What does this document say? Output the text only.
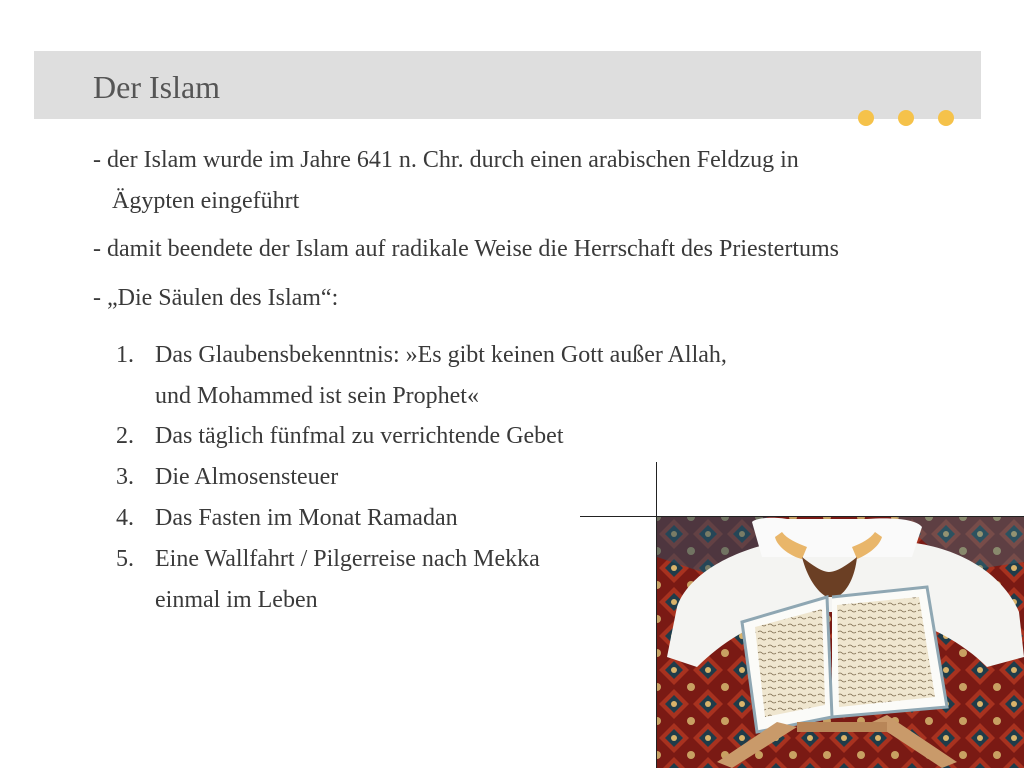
Der Islam
- der Islam wurde im Jahre 641 n. Chr. durch einen arabischen Feldzug in
Ägypten eingeführt
- damit beendete der Islam auf radikale Weise die Herrschaft des Priestertums
- „Die Säulen des Islam“:
1. Das Glaubensbekenntnis: »Es gibt keinen Gott außer Allah,
und Mohammed ist sein Prophet«
2. Das täglich fünfmal zu verrichtende Gebet
3. Die Almosensteuer
4. Das Fasten im Monat Ramadan
5. Eine Wallfahrt / Pilgerreise nach Mekka
einmal im Leben
